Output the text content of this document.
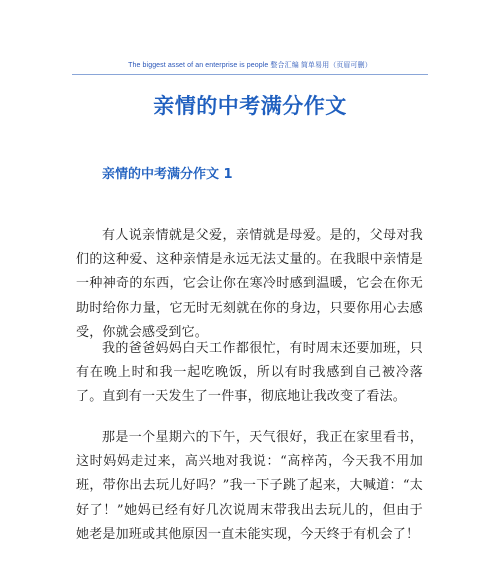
The biggest asset of an enterprise is people 整合汇编 简单易用（页眉可删）
亲情的中考满分作文
亲情的中考满分作文 1

有人说亲情就是父爱，亲情就是母爱。是的，父母对我们的这种爱、这种亲情是永远无法丈量的。在我眼中亲情是一种神奇的东西，它会让你在寒冷时感到温暖，它会在你无助时给你力量，它无时无刻就在你的身边，只要你用心去感受，你就会感受到它。

我的爸爸妈妈白天工作都很忙，有时周末还要加班，只有在晚上时和我一起吃晚饭，所以有时我感到自己被冷落了。直到有一天发生了一件事，彻底地让我改变了看法。

那是一个星期六的下午，天气很好，我正在家里看书，这时妈妈走过来，高兴地对我说：“高梓芮，今天我不用加班，带你出去玩儿好吗？”我一下子跳了起来，大喊道：“太好了！”她妈已经有好几次说周末带我出去玩儿的，但由于她老是加班或其他原因一直未能实现，今天终于有机会了！
